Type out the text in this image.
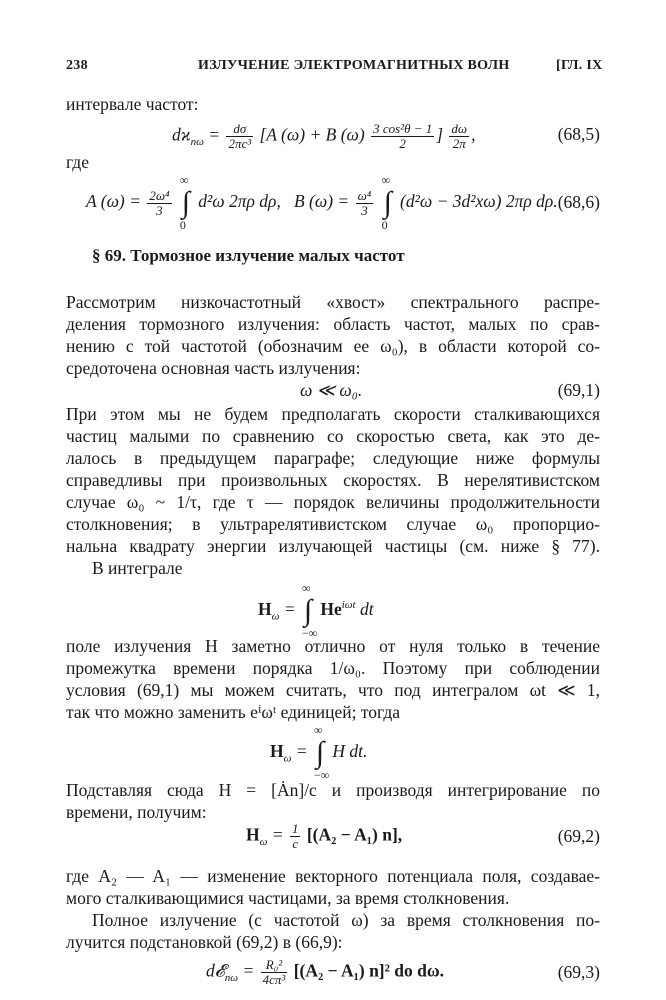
238	ИЗЛУЧЕНИЕ ЭЛЕКТРОМАГНИТНЫХ ВОЛН	[ГЛ. IX
интервале частот:
$dϰ_{n\omega} = \frac{d\sigma}{\text{2πc³}} [A$ (ω) + B $(\omega) \frac{\text{3 cos²θ − 1}}{2}$ ] $\frac{d\omega}{2\pi}$ ,	(68,5)
где
A $(\omega) = \frac{\text{2ω⁴}}{3}$ ∫
∞
0
d²ω 2πρ dρ, B $(\omega) = \frac{\text{ω⁴}}{3}$ ∫
∞
0
(d²ω − 3d²xω) 2πρ dρ. (68,6)
§ 69. Тормозное излучение малых частот
Рассмотрим низкочастотный «хвост» спектрального распре-
деления тормозного излучения: область частот, малых по срав-
нению с той частотой (обозначим ее ω₀), в области которой со-
средоточена основная часть излучения:
ω ≪ ω₀.	(69,1)
При этом мы не будем предполагать скорости сталкивающихся
частиц малыми по сравнению со скоростью света, как это де-
лалось в предыдущем параграфе; следующие ниже формулы
справедливы при произвольных скоростях. В нерелятивистском
случае ω₀ ~ 1/τ, где τ — порядок величины продолжительности
столкновения; в ультрарелятивистском случае ω₀ пропорцио-
нальна квадрату энергии излучающей частицы (см. ниже § 77).
В интеграле
$H_\omega$ = ∫
∞
−∞
$He^{i\omega t}$ dt
поле излучения H заметно отлично от нуля только в течение
промежутка времени порядка 1/ω₀. Поэтому при соблюдении
условия (69,1) мы можем считать, что под интегралом ωt ≪ 1,
так что можно заменить eⁱωᵗ единицей; тогда
$H_\omega$ = ∫
∞
−∞
H dt.
Подставляя сюда H = [Ȧn]/c и производя интегрирование по
времени, получим:
$H_\omega = \frac{1}{c} [(A_2 - A_1)$ n],	(69,2)
где A₂ — A₁ — изменение векторного потенциала поля, создавае-
мого сталкивающимися частицами, за время столкновения.
Полное излучение (с частотой ω) за время столкновения по-
лучится подстановкой (69,2) в (66,9):
d𝓔$_{n\omega}$ = $\frac{\text{R₀²}}{\text{4cπ³}} [(A_2 - A_1)$ n]² do dω.	(69,3)
